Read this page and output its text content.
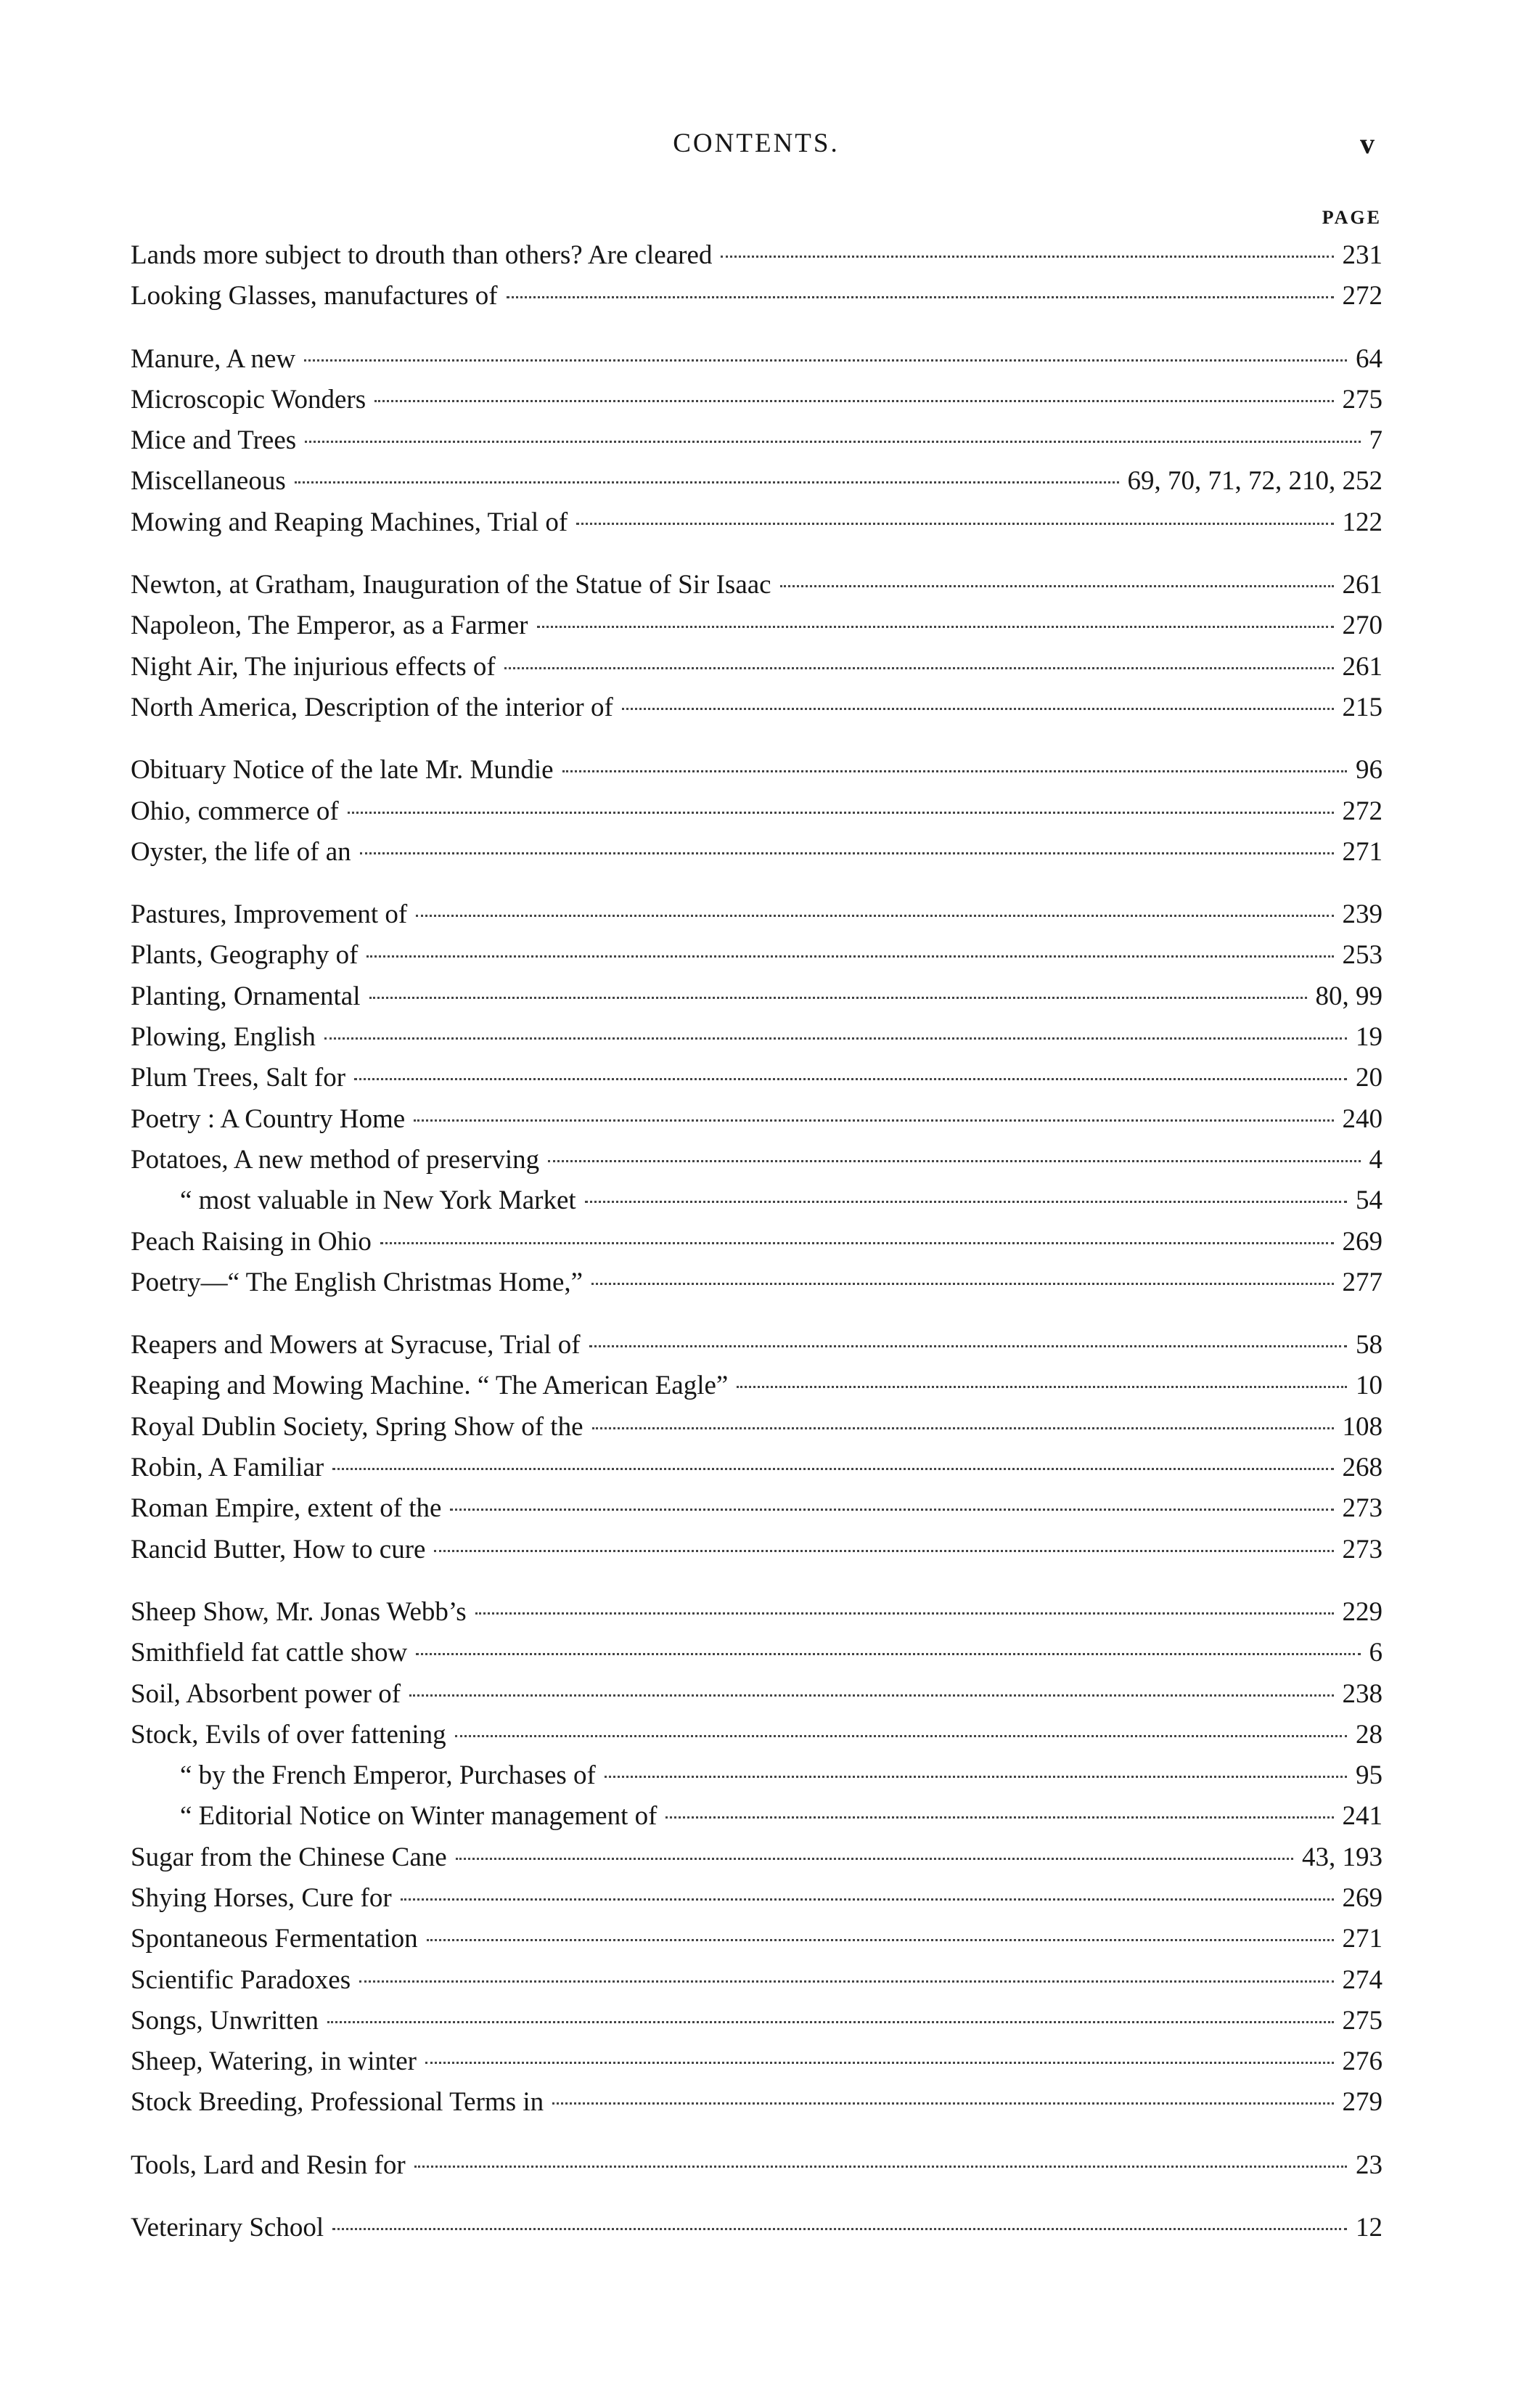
CONTENTS.	v
PAGE
Lands more subject to drouth than others? Are cleared	231
Looking Glasses, manufactures of	272
Manure, A new	64
Microscopic Wonders	275
Mice and Trees	7
Miscellaneous	69, 70, 71, 72, 210, 252
Mowing and Reaping Machines, Trial of	122
Newton, at Gratham, Inauguration of the Statue of Sir Isaac	261
Napoleon, The Emperor, as a Farmer	270
Night Air, The injurious effects of	261
North America, Description of the interior of	215
Obituary Notice of the late Mr. Mundie	96
Ohio, commerce of	272
Oyster, the life of an	271
Pastures, Improvement of	239
Plants, Geography of	253
Planting, Ornamental	80, 99
Plowing, English	19
Plum Trees, Salt for	20
Poetry : A Country Home	240
Potatoes, A new method of preserving	4
“ most valuable in New York Market	54
Peach Raising in Ohio	269
Poetry—“ The English Christmas Home,”	277
Reapers and Mowers at Syracuse, Trial of	58
Reaping and Mowing Machine. “ The American Eagle”	10
Royal Dublin Society, Spring Show of the	108
Robin, A Familiar	268
Roman Empire, extent of the	273
Rancid Butter, How to cure	273
Sheep Show, Mr. Jonas Webb’s	229
Smithfield fat cattle show	6
Soil, Absorbent power of	238
Stock, Evils of over fattening	28
“ by the French Emperor, Purchases of	95
“ Editorial Notice on Winter management of	241
Sugar from the Chinese Cane	43, 193
Shying Horses, Cure for	269
Spontaneous Fermentation	271
Scientific Paradoxes	274
Songs, Unwritten	275
Sheep, Watering, in winter	276
Stock Breeding, Professional Terms in	279
Tools, Lard and Resin for	23
Veterinary School	12
